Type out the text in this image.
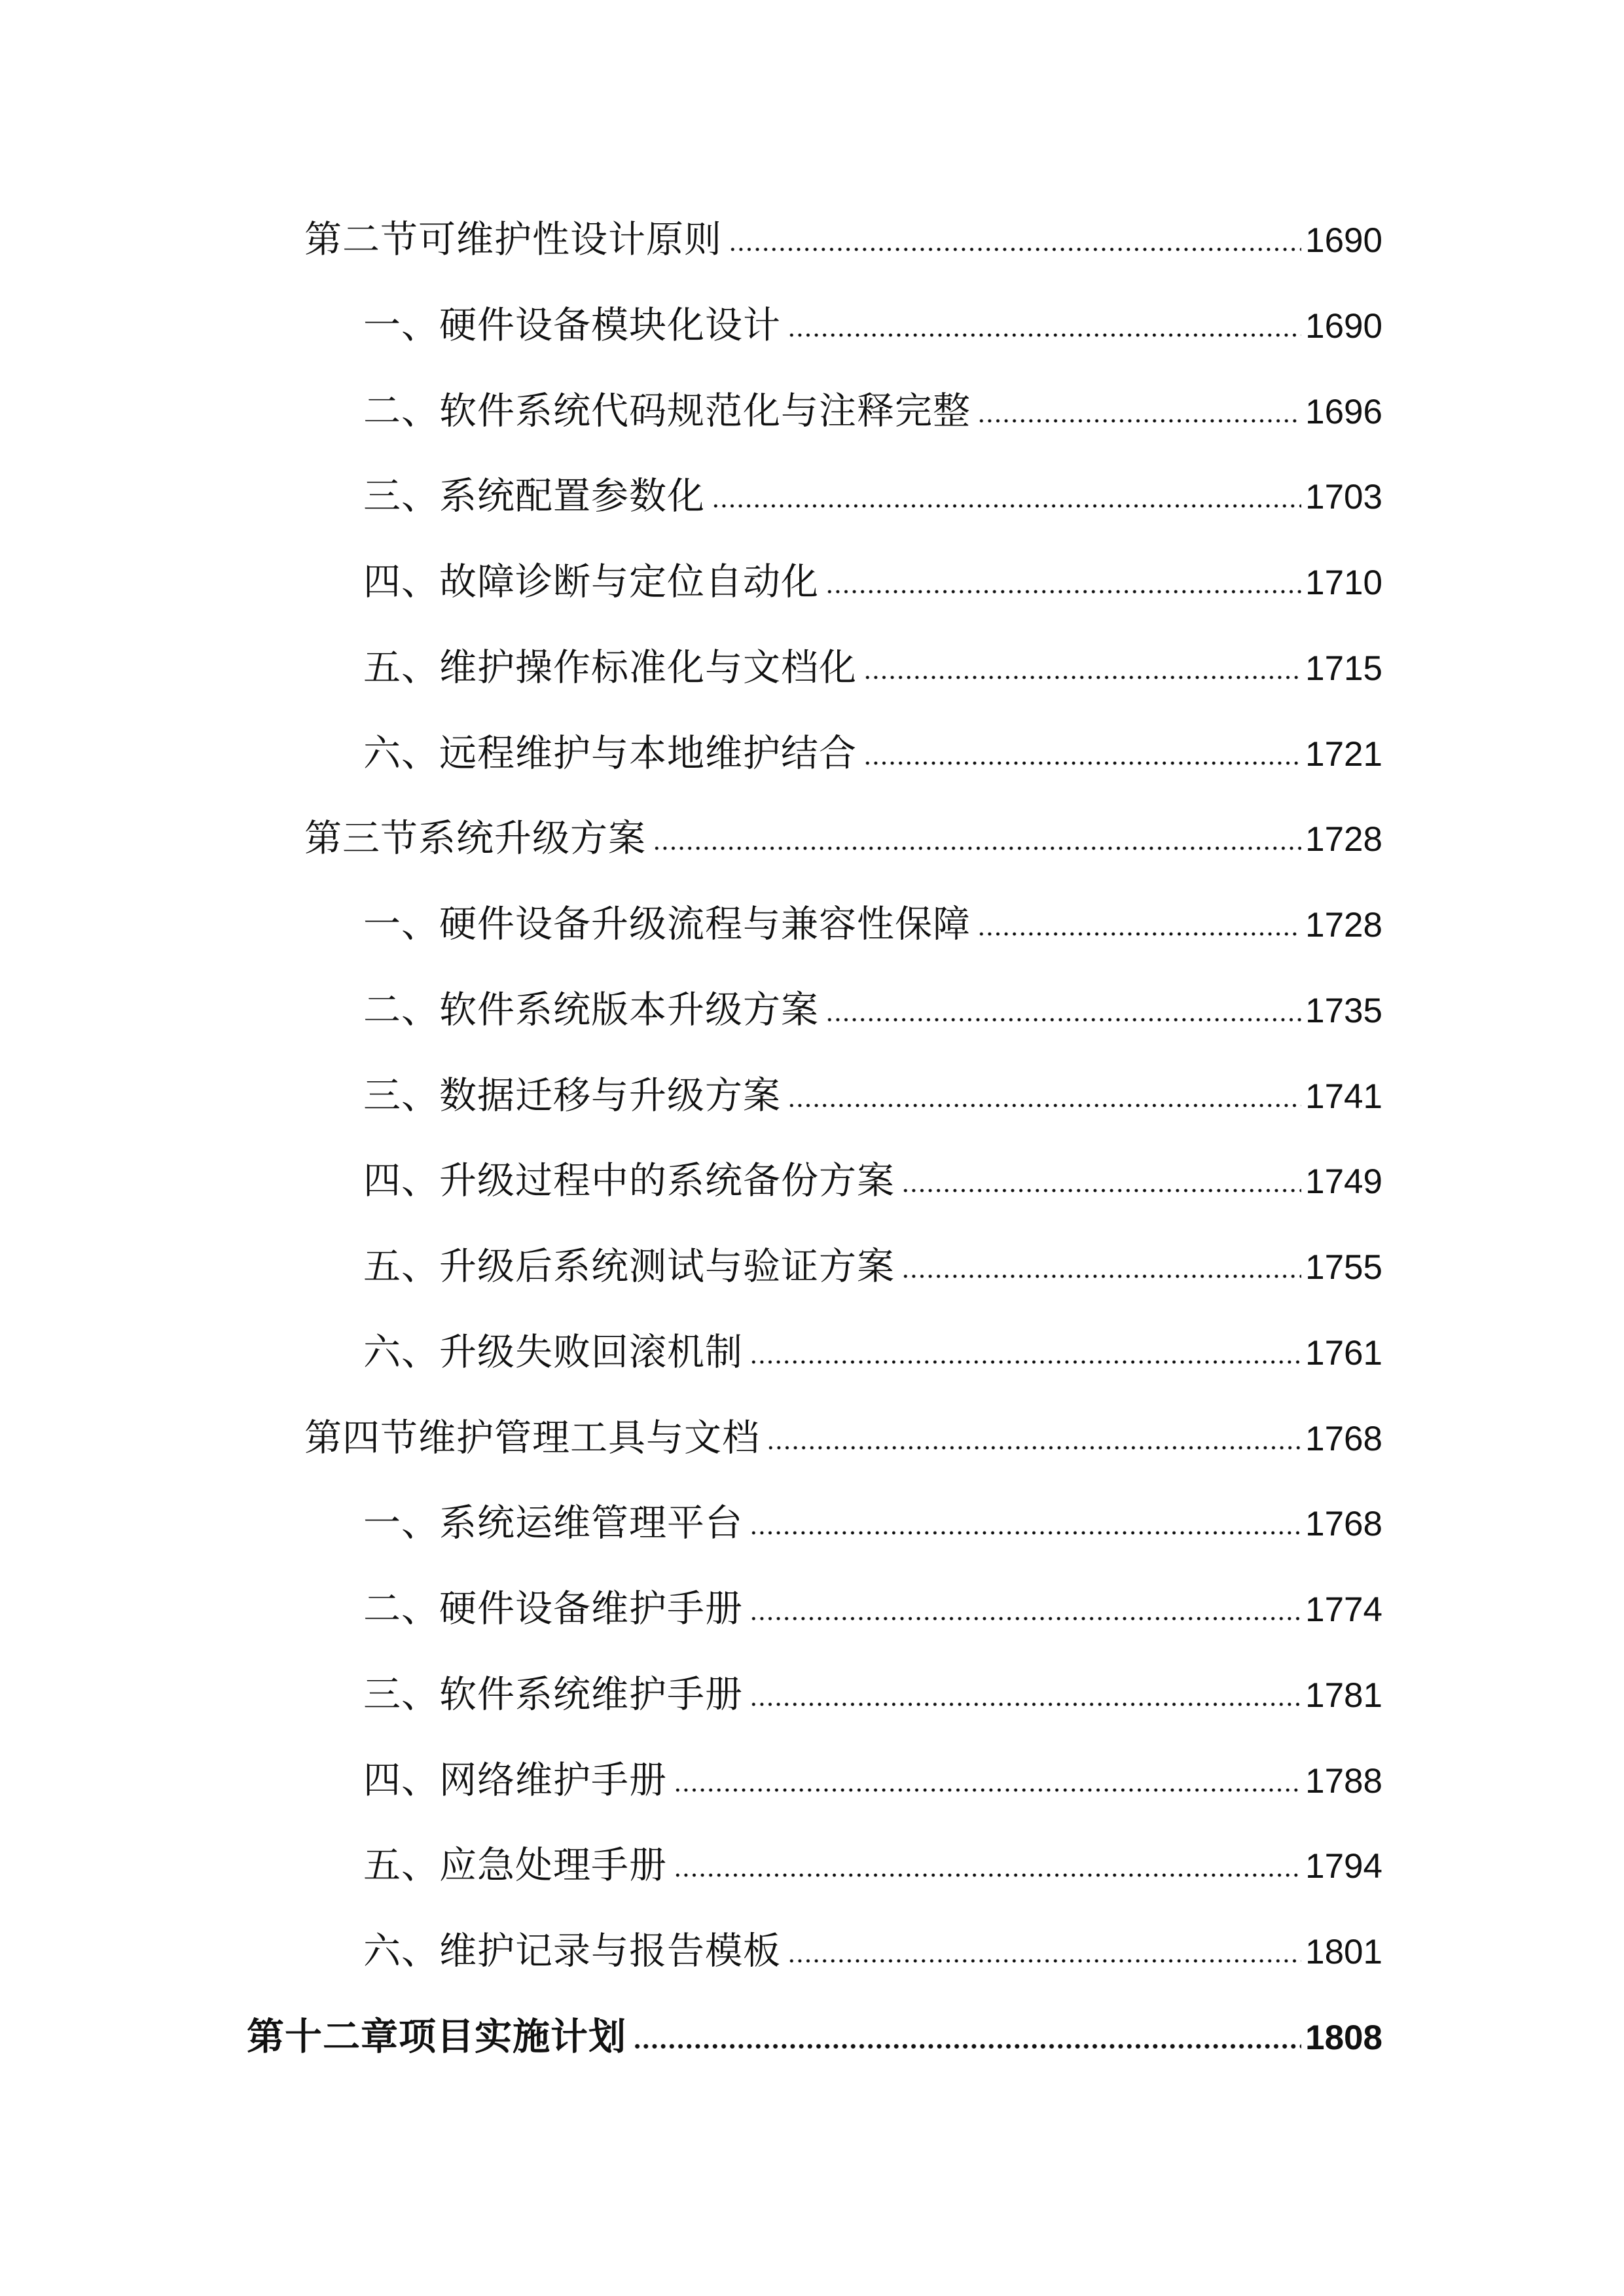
第二节可维护性设计原则	1690
一、硬件设备模块化设计	1690
二、软件系统代码规范化与注释完整	1696
三、系统配置参数化	1703
四、故障诊断与定位自动化	1710
五、维护操作标准化与文档化	1715
六、远程维护与本地维护结合	1721
第三节系统升级方案	1728
一、硬件设备升级流程与兼容性保障	1728
二、软件系统版本升级方案	1735
三、数据迁移与升级方案	1741
四、升级过程中的系统备份方案	1749
五、升级后系统测试与验证方案	1755
六、升级失败回滚机制	1761
第四节维护管理工具与文档	1768
一、系统运维管理平台	1768
二、硬件设备维护手册	1774
三、软件系统维护手册	1781
四、网络维护手册	1788
五、应急处理手册	1794
六、维护记录与报告模板	1801
第十二章项目实施计划	1808
